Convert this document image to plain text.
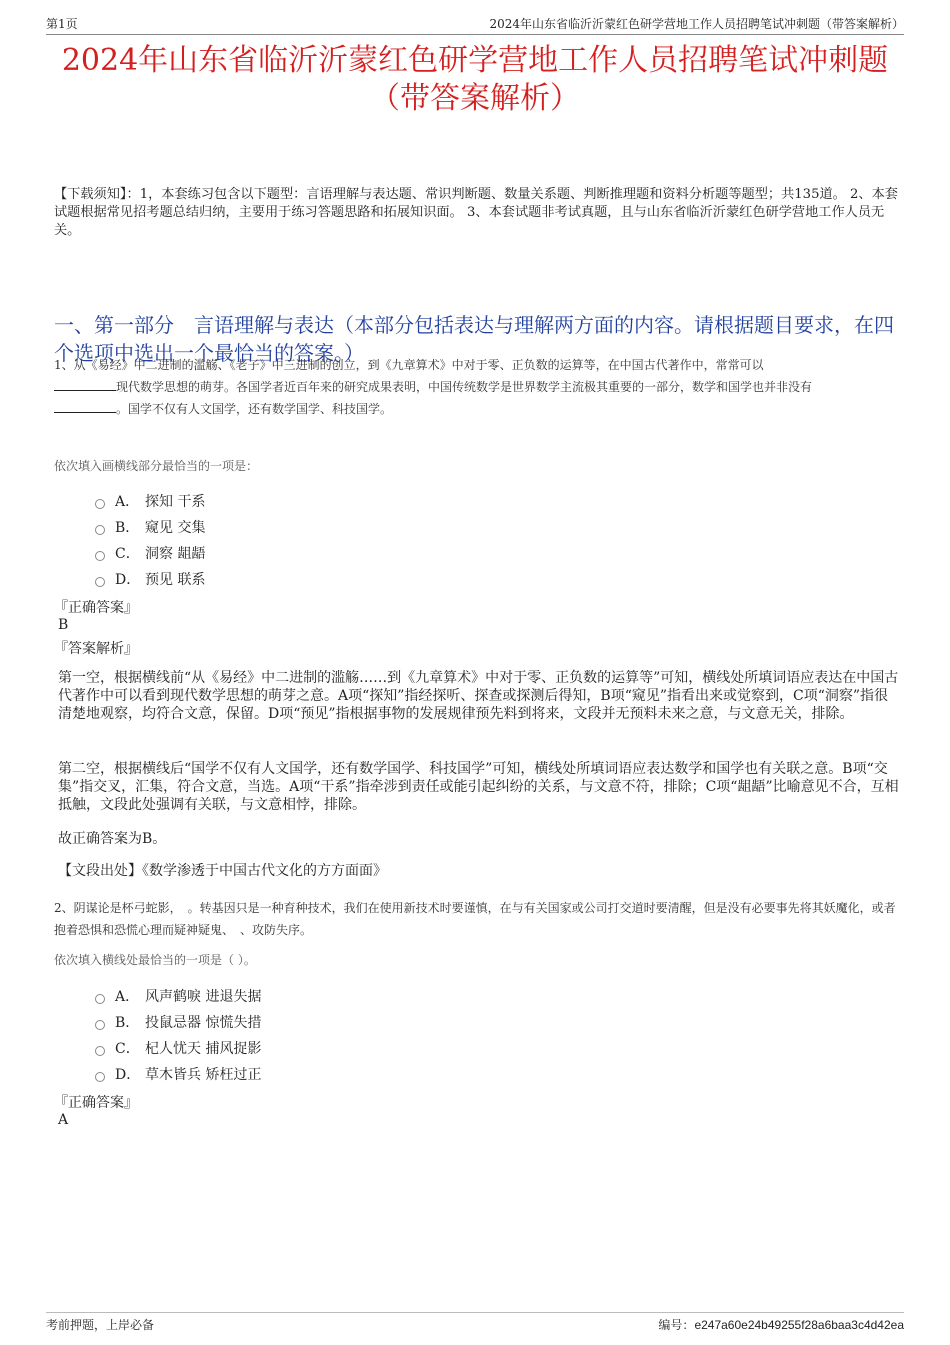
第1页	2024年山东省临沂沂蒙红色研学营地工作人员招聘笔试冲刺题（带答案解析）
2024年山东省临沂沂蒙红色研学营地工作人员招聘笔试冲刺题
（带答案解析）

【下载须知】：1，本套练习包含以下题型：言语理解与表达题、常识判断题、数量关系题、判断推理题和资料分析题等题型；共135道。 2、本套试题根据常见招考题总结归纳，主要用于练习答题思路和拓展知识面。 3、本套试题非考试真题，且与山东省临沂沂蒙红色研学营地工作人员无关。

一、第一部分　言语理解与表达（本部分包括表达与理解两方面的内容。请根据题目要求，在四个选项中选出一个最恰当的答案。）

1、从《易经》中二进制的滥觞、《老子》中三进制的创立，到《九章算术》中对于零、正负数的运算等，在中国古代著作中，常常可以
现代数学思想的萌芽。各国学者近百年来的研究成果表明，中国传统数学是世界数学主流极其重要的一部分，数学和国学也并非没有
。国学不仅有人文国学，还有数学国学、科技国学。

依次填入画横线部分最恰当的一项是：

A． 探知 干系
B． 窥见 交集
C． 洞察 龃龉
D． 预见 联系

『正确答案』

B

『答案解析』

第一空，根据横线前“从《易经》中二进制的滥觞……到《九章算术》中对于零、正负数的运算等”可知，横线处所填词语应表达在中国古代著作中可以看到现代数学思想的萌芽之意。A项“探知”指经探听、探查或探测后得知，B项“窥见”指看出来或觉察到，C项“洞察”指很清楚地观察，均符合文意，保留。D项“预见”指根据事物的发展规律预先料到将来，文段并无预料未来之意，与文意无关，排除。

第二空，根据横线后“国学不仅有人文国学，还有数学国学、科技国学”可知，横线处所填词语应表达数学和国学也有关联之意。B项“交集”指交叉，汇集，符合文意，当选。A项“干系”指牵涉到责任或能引起纠纷的关系，与文意不符，排除；C项“龃龉”比喻意见不合，互相抵触，文段此处强调有关联，与文意相悖，排除。

故正确答案为B。

【文段出处】《数学渗透于中国古代文化的方方面面》

2、阴谋论是杯弓蛇影，　。转基因只是一种育种技术，我们在使用新技术时要谨慎，在与有关国家或公司打交道时要清醒，但是没有必要事先将其妖魔化，或者抱着恐惧和恐慌心理而疑神疑鬼、　、攻防失序。

依次填入横线处最恰当的一项是（ ）。

A． 风声鹤唳 进退失据
B． 投鼠忌器 惊慌失措
C． 杞人忧天 捕风捉影
D． 草木皆兵 矫枉过正

『正确答案』

A

考前押题，上岸必备	编号：e247a60e24b49255f28a6baa3c4d42ea
